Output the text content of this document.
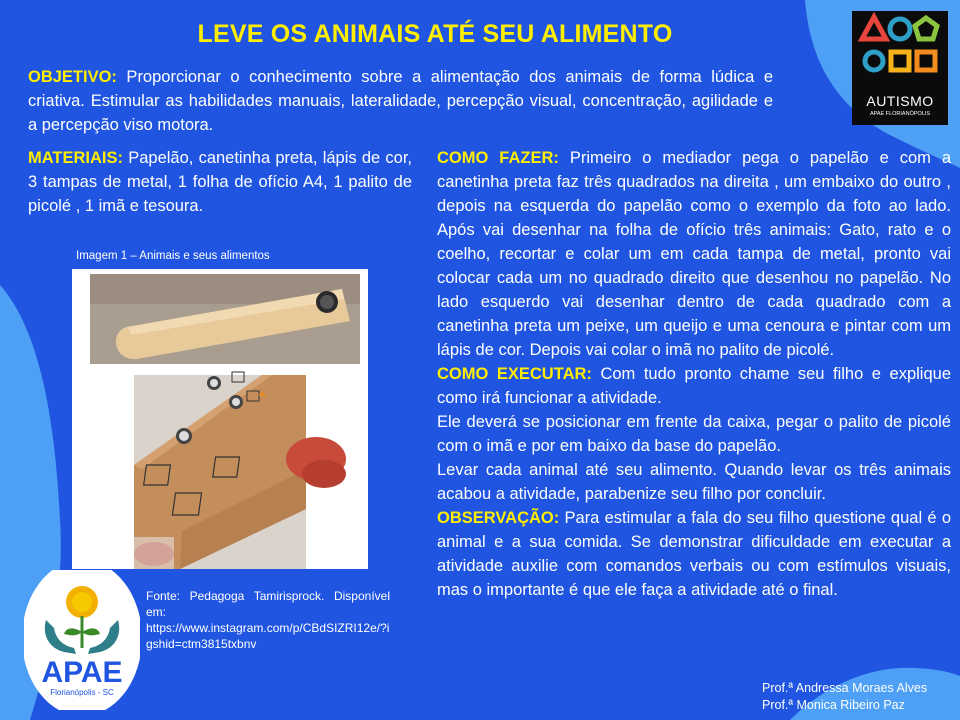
LEVE OS ANIMAIS ATÉ SEU ALIMENTO
OBJETIVO: Proporcionar o conhecimento sobre a alimentação dos animais de forma lúdica e criativa. Estimular as habilidades manuais, lateralidade, percepção visual, concentração, agilidade e a percepção viso motora.
MATERIAIS: Papelão, canetinha preta, lápis de cor, 3 tampas de metal, 1 folha de ofício A4, 1 palito de picolé , 1 imã e tesoura.

COMO FAZER: Primeiro o mediador pega o papelão e com a canetinha preta faz três quadrados na direita , um embaixo do outro , depois na esquerda do papelão como o exemplo da foto ao lado. Após vai desenhar na folha de ofício três animais: Gato, rato e o coelho, recortar e colar um em cada tampa de metal, pronto vai colocar cada um no quadrado direito que desenhou no papelão. No lado esquerdo vai desenhar dentro de cada quadrado com a canetinha preta um peixe, um queijo e uma cenoura e pintar com um lápis de cor. Depois vai colar o imã no palito de picolé.

COMO EXECUTAR: Com tudo pronto chame seu filho e explique como irá funcionar a atividade.

Ele deverá se posicionar em frente da caixa, pegar o palito de picolé com o imã e por em baixo da base do papelão.

Levar cada animal até seu alimento. Quando levar os três animais acabou a atividade, parabenize seu filho por concluir.

OBSERVAÇÃO: Para estimular a fala do seu filho questione qual é o animal e a sua comida. Se demonstrar dificuldade em executar a atividade auxilie com comandos verbais ou com estímulos visuais, mas o importante é que ele faça a atividade até o final.

Imagem 1 – Animais e seus alimentos
Fonte: Pedagoga Tamirisprock. Disponível em:
https://www.instagram.com/p/CBdSIZRI12e/?igshid=ctm3815txbnv
Prof.ª Andressa Moraes Alves
Prof.ª Monica Ribeiro Paz
APAE
Florianópolis - SC
AUTISMO
APAE FLORIANÓPOLIS
